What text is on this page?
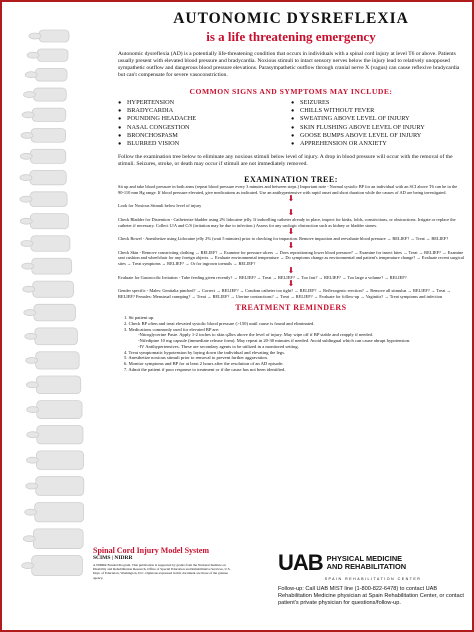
AUTONOMIC DYSREFLEXIA
is a life threatening emergency
Autonomic dysreflexia (AD) is a potentially life-threatening condition that occurs in individuals with a spinal cord injury at level T6 or above. Patients usually present with elevated blood pressure and bradycardia. Noxious stimuli to intact sensory nerves below the injury lead to relatively unopposed sympathetic outflow and dangerous blood pressure elevations. Parasympathetic outflow through cranial nerve X (vagus) can cause reflexive bradycardia but can't compensate for severe vasoconstriction.
COMMON SIGNS AND SYMPTOMS MAY INCLUDE:
● HYPERTENSION
● BRADYCARDIA
● POUNDING HEADACHE
● NASAL CONGESTION
● BRONCHOSPASM
● BLURRED VISION
● SEIZURES
● CHILLS WITHOUT FEVER
● SWEATING ABOVE LEVEL OF INJURY
● SKIN FLUSHING ABOVE LEVEL OF INJURY
● GOOSE BUMPS ABOVE LEVEL OF INJURY
● APPREHENSION OR ANXIETY
Follow the examination tree below to eliminate any noxious stimuli below level of injury. A drop in blood pressure will occur with the removal of the stimuli. Seizures, stroke, or death may occur if stimuli are not immediately removed.
EXAMINATION TREE:
Sit up and take blood pressure in both arms (repeat blood pressure every 3 minutes and between steps.) Important note - Normal systolic BP for an individual with an SCI above T6 can be in the 90-110 mm Hg range. If blood pressure elevated, give medications as indicated. Use an antihypertensive with rapid onset and short duration while the causes of AD are being investigated.
⬇
Look for Noxious Stimuli below level of injury
⬇
Check Bladder for Distention - Catheterize bladder using 2% lidocaine jelly. If indwelling catheter already in place, inspect for kinks, folds, constrictions, or obstructions. Irrigate or replace the catheter if necessary. Collect U/A and C/S (irritation may be due to infection.) Assess for any urologic obstruction such as kidney or bladder stones.
⬇
Check Bowel - Anesthetize using Lidocaine jelly 2% (wait 5 minutes) prior to checking for impaction. Remove impaction and reevaluate blood pressure → RELIEF? → Treat → RELIEF?
⬇
Check Skin - Remove constricting clothing → RELIEF? → Examine for pressure ulcers → Does repositioning lower blood pressure? → Examine for insect bites → Treat → RELIEF? → Examine seat cushion and wheelchair for any foreign objects → Evaluate environmental temperature → Do symptoms change as environmental and patient's temperature change? → Evaluate recent surgical sites → Treat symptoms → RELIEF? → Or for ingrown toenails → RELIEF?
⬇
Evaluate for Gastrocolic Irritation - Tube feeding given recently? → RELIEF? → Treat → RELIEF? → Too fast? → RELIEF? → Too large a volume? → RELIEF?
⬇
Gender specific - Males: Genitalia pinched? → Correct → RELIEF? → Condom catheter too tight? → RELIEF? → Reflexogenic erection? → Remove all stimulus → RELIEF? → Treat → RELIEF? Females: Menstrual cramping? → Treat → RELIEF? → Uterine contractions? → Treat → RELIEF? → Evaluate for follow-up → Vaginitis? → Treat symptoms and infection
TREATMENT REMINDERS
1. Sit patient up.
2. Check BP often and treat elevated systolic blood pressure (>150) until cause is found and eliminated.
3. Medications commonly used for elevated BP are:
-Nitroglycerine Paste. Apply 1-2 inches to skin q2hrs above the level of injury. May wipe off if BP stable and reapply if needed.
-Nifedipine 10 mg capsule (immediate release form). May repeat in 20-30 minutes if needed. Avoid sublingual which can cause abrupt hypotension.
-IV Antihypertensives. These are secondary agents to be utilized in a monitored setting.
4. Treat symptomatic hypotension by laying down the individual and elevating the legs.
5. Anesthetize noxious stimuli prior to removal to prevent further aggravation.
6. Monitor symptoms and BP for at least 2 hours after the resolution of an AD episode.
7. Admit the patient if poor response to treatment or if the cause has not been identified.
Spinal Cord Injury Model System
SCIMS | NIDRR
A NIDRR Funded Program. This publication is supported by grants from the National Institute on Disability and Rehabilitation Research, Office of Special Education and Rehabilitative Services, U.S. Dept. of Education, Washington, D.C. Opinions expressed in this document are those of the grantee agency.
UAB PHYSICAL MEDICINE
AND REHABILITATION
SPAIN REHABILITATION CENTER
Follow-up: Call UAB MIST line (1-800-822-6478) to contact UAB Rehabilitation Medicine physician at Spain Rehabilitation Center, or contact patient's private physician for questions/follow-up.
